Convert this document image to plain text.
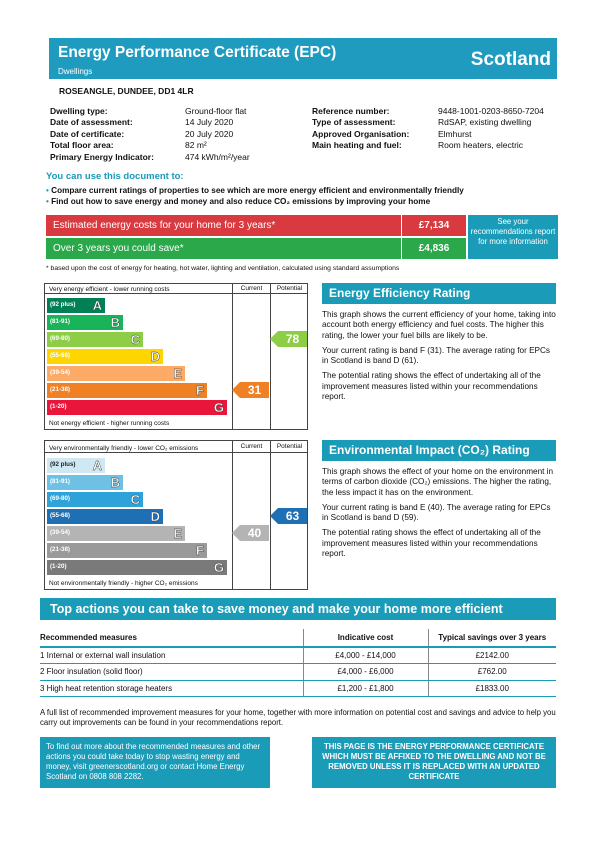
Energy Performance Certificate (EPC)
Dwellings
Scotland
ROSEANGLE, DUNDEE, DD1 4LR
Dwelling type:	Ground-floor flat
Date of assessment:	14 July 2020
Date of certificate:	20 July 2020
Total floor area:	82 m²
Primary Energy Indicator:	474 kWh/m²/year
Reference number:	9448-1001-0203-8650-7204
Type of assessment:	RdSAP, existing dwelling
Approved Organisation:	Elmhurst
Main heating and fuel:	Room heaters, electric
You can use this document to:
• Compare current ratings of properties to see which are more energy efficient and environmentally friendly
• Find out how to save energy and money and also reduce CO₂ emissions by improving your home
Estimated energy costs for your home for 3 years*	£7,134
Over 3 years you could save*	£4,836
See your recommendations report for more information
* based upon the cost of energy for heating, hot water, lighting and ventilation, calculated using standard assumptions
Very energy efficient - lower running costs	Current	Potential
Not energy efficient - higher running costs
(92 plus) A
(81-91)	B
(69-80)	C
(55-68)	D
(39-54)	E
(21-38)	F
(1-20)	G
31
78
Very environmentally friendly - lower CO₂ emissions	Current	Potential
Not environmentally friendly - higher CO₂ emissions
(92 plus) A
(81-91)	B
(69-80)	C
(55-68)	D
(39-54)	E
(21-38)	F
(1-20)	G
40
63
Energy Efficiency Rating

This graph shows the current efficiency of your home, taking into account both energy efficiency and fuel costs. The higher this rating, the lower your fuel bills are likely to be.

Your current rating is band F (31). The average rating for EPCs in Scotland is band D (61).

The potential rating shows the effect of undertaking all of the improvement measures listed within your recommendations report.

Environmental Impact (CO₂) Rating

This graph shows the effect of your home on the environment in terms of carbon dioxide (CO₂) emissions. The higher the rating, the less impact it has on the environment.

Your current rating is band E (40). The average rating for EPCs in Scotland is band D (59).

The potential rating shows the effect of undertaking all of the improvement measures listed within your recommendations report.

Top actions you can take to save money and make your home more efficient
Recommended measures	Indicative cost	Typical savings over 3 years
1 Internal or external wall insulation	£4,000 - £14,000	£2142.00
2 Floor insulation (solid floor)	£4,000 - £6,000	£762.00
3 High heat retention storage heaters	£1,200 - £1,800	£1833.00
A full list of recommended improvement measures for your home, together with more information on potential cost and savings and advice to help you carry out improvements can be found in your recommendations report.
To find out more about the recommended measures and other actions you could take today to stop wasting energy and money, visit greenerscotland.org or contact Home Energy Scotland on 0808 808 2282.
THIS PAGE IS THE ENERGY PERFORMANCE CERTIFICATE WHICH MUST BE AFFIXED TO THE DWELLING AND NOT BE REMOVED UNLESS IT IS REPLACED WITH AN UPDATED CERTIFICATE
